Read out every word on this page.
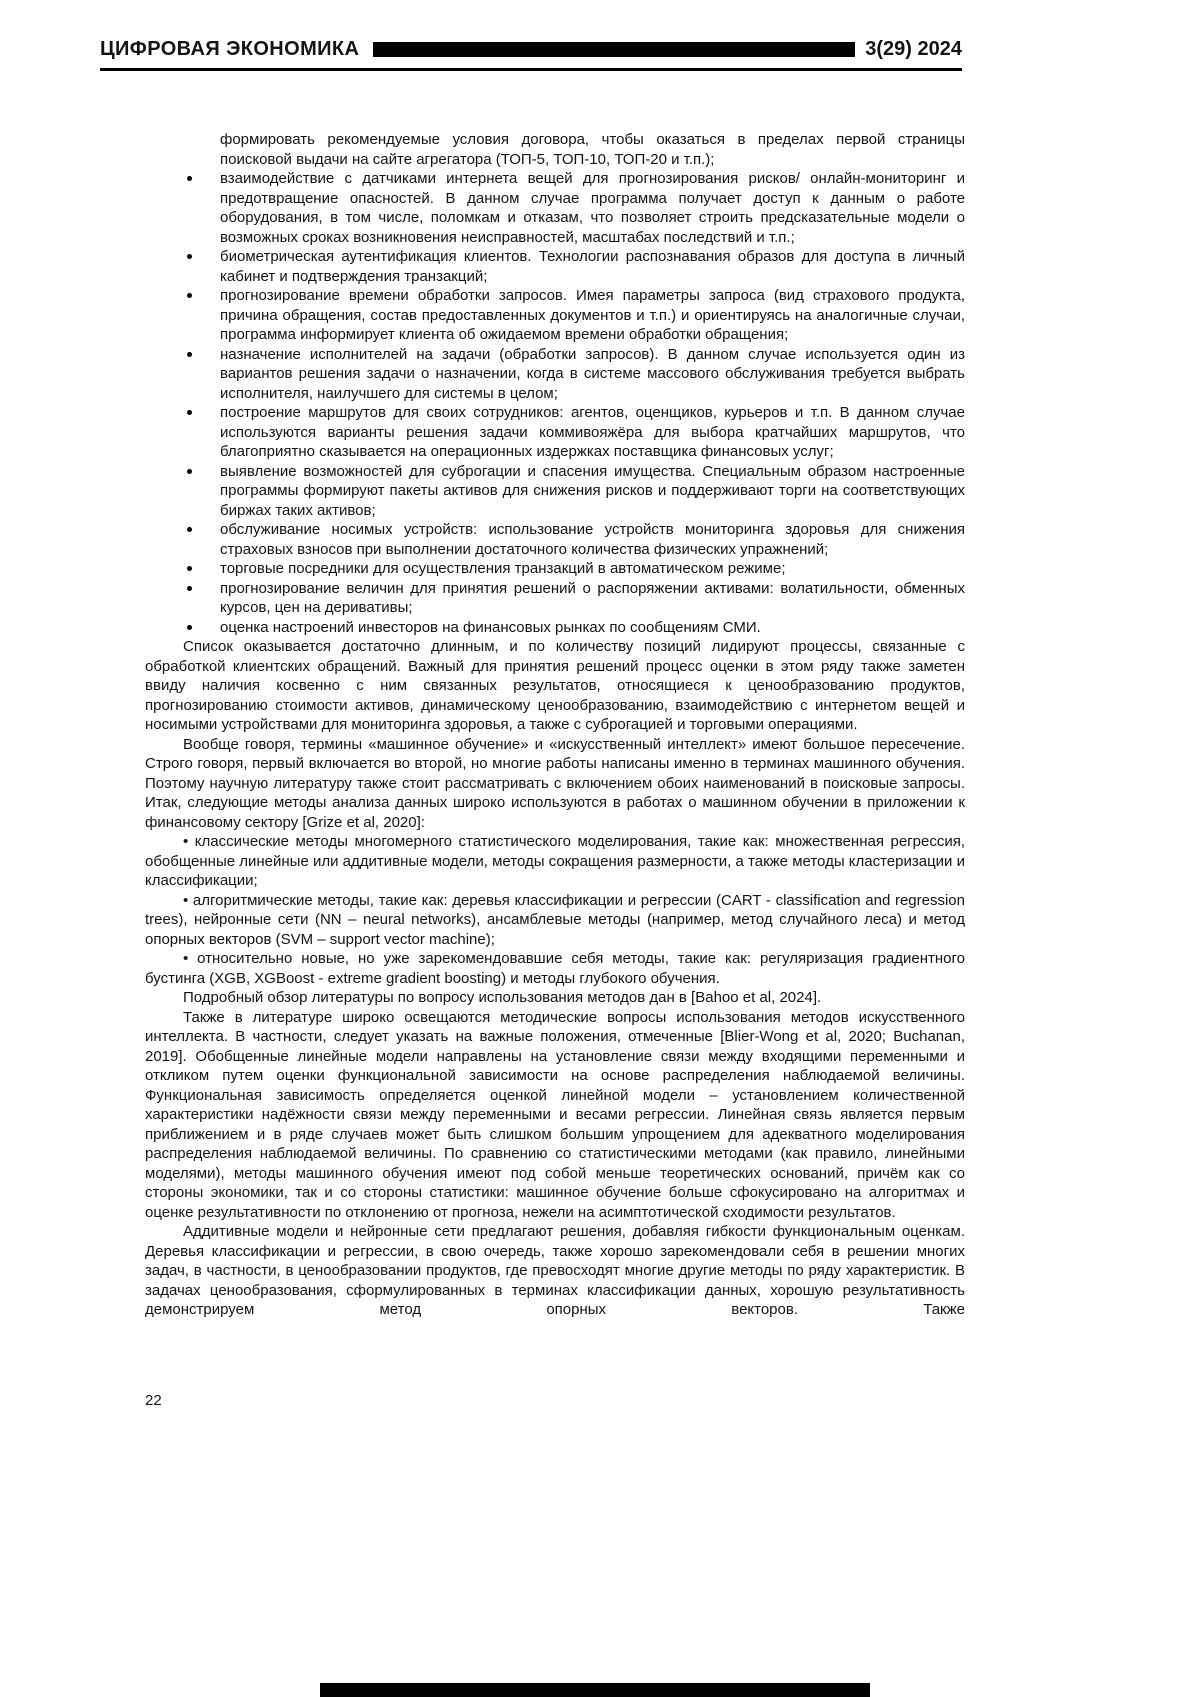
ЦИФРОВАЯ ЭКОНОМИКА	3(29) 2024
формировать рекомендуемые условия договора, чтобы оказаться в пределах первой страницы поисковой выдачи на сайте агрегатора (ТОП-5, ТОП-10, ТОП-20 и т.п.);
взаимодействие с датчиками интернета вещей для прогнозирования рисков/ онлайн-мониторинг и предотвращение опасностей. В данном случае программа получает доступ к данным о работе оборудования, в том числе, поломкам и отказам, что позволяет строить предсказательные модели о возможных сроках возникновения неисправностей, масштабах последствий и т.п.;
биометрическая аутентификация клиентов. Технологии распознавания образов для доступа в личный кабинет и подтверждения транзакций;
прогнозирование времени обработки запросов. Имея параметры запроса (вид страхового продукта, причина обращения, состав предоставленных документов и т.п.) и ориентируясь на аналогичные случаи, программа информирует клиента об ожидаемом времени обработки обращения;
назначение исполнителей на задачи (обработки запросов). В данном случае используется один из вариантов решения задачи о назначении, когда в системе массового обслуживания требуется выбрать исполнителя, наилучшего для системы в целом;
построение маршрутов для своих сотрудников: агентов, оценщиков, курьеров и т.п. В данном случае используются варианты решения задачи коммивояжёра для выбора кратчайших маршрутов, что благоприятно сказывается на операционных издержках поставщика финансовых услуг;
выявление возможностей для суброгации и спасения имущества. Специальным образом настроенные программы формируют пакеты активов для снижения рисков и поддерживают торги на соответствующих биржах таких активов;
обслуживание носимых устройств: использование устройств мониторинга здоровья для снижения страховых взносов при выполнении достаточного количества физических упражнений;
торговые посредники для осуществления транзакций в автоматическом режиме;
прогнозирование величин для принятия решений о распоряжении активами: волатильности, обменных курсов, цен на деривативы;
оценка настроений инвесторов на финансовых рынках по сообщениям СМИ.

Список оказывается достаточно длинным, и по количеству позиций лидируют процессы, связанные с обработкой клиентских обращений. Важный для принятия решений процесс оценки в этом ряду также заметен ввиду наличия косвенно с ним связанных результатов, относящиеся к ценообразованию продуктов, прогнозированию стоимости активов, динамическому ценообразованию, взаимодействию с интернетом вещей и носимыми устройствами для мониторинга здоровья, а также с суброгацией и торговыми операциями.

Вообще говоря, термины «машинное обучение» и «искусственный интеллект» имеют большое пересечение. Строго говоря, первый включается во второй, но многие работы написаны именно в терминах машинного обучения. Поэтому научную литературу также стоит рассматривать с включением обоих наименований в поисковые запросы. Итак, следующие методы анализа данных широко используются в работах о машинном обучении в приложении к финансовому сектору [Grize et al, 2020]:

• классические методы многомерного статистического моделирования, такие как: множественная регрессия, обобщенные линейные или аддитивные модели, методы сокращения размерности, а также методы кластеризации и классификации;

• алгоритмические методы, такие как: деревья классификации и регрессии (CART - classification and regression trees), нейронные сети (NN – neural networks), ансамблевые методы (например, метод случайного леса) и метод опорных векторов (SVM – support vector machine);

• относительно новые, но уже зарекомендовавшие себя методы, такие как: регуляризация градиентного бустинга (XGB, XGBoost - extreme gradient boosting) и методы глубокого обучения.

Подробный обзор литературы по вопросу использования методов дан в [Bahoo et al, 2024].

Также в литературе широко освещаются методические вопросы использования методов искусственного интеллекта. В частности, следует указать на важные положения, отмеченные [Blier-Wong et al, 2020; Buchanan, 2019]. Обобщенные линейные модели направлены на установление связи между входящими переменными и откликом путем оценки функциональной зависимости на основе распределения наблюдаемой величины. Функциональная зависимость определяется оценкой линейной модели – установлением количественной характеристики надёжности связи между переменными и весами регрессии. Линейная связь является первым приближением и в ряде случаев может быть слишком большим упрощением для адекватного моделирования распределения наблюдаемой величины. По сравнению со статистическими методами (как правило, линейными моделями), методы машинного обучения имеют под собой меньше теоретических оснований, причём как со стороны экономики, так и со стороны статистики: машинное обучение больше сфокусировано на алгоритмах и оценке результативности по отклонению от прогноза, нежели на асимптотической сходимости результатов.

Аддитивные модели и нейронные сети предлагают решения, добавляя гибкости функциональным оценкам. Деревья классификации и регрессии, в свою очередь, также хорошо зарекомендовали себя в решении многих задач, в частности, в ценообразовании продуктов, где превосходят многие другие методы по ряду характеристик. В задачах ценообразования, сформулированных в терминах классификации данных, хорошую результативность демонстрируем метод опорных векторов. Также

22
